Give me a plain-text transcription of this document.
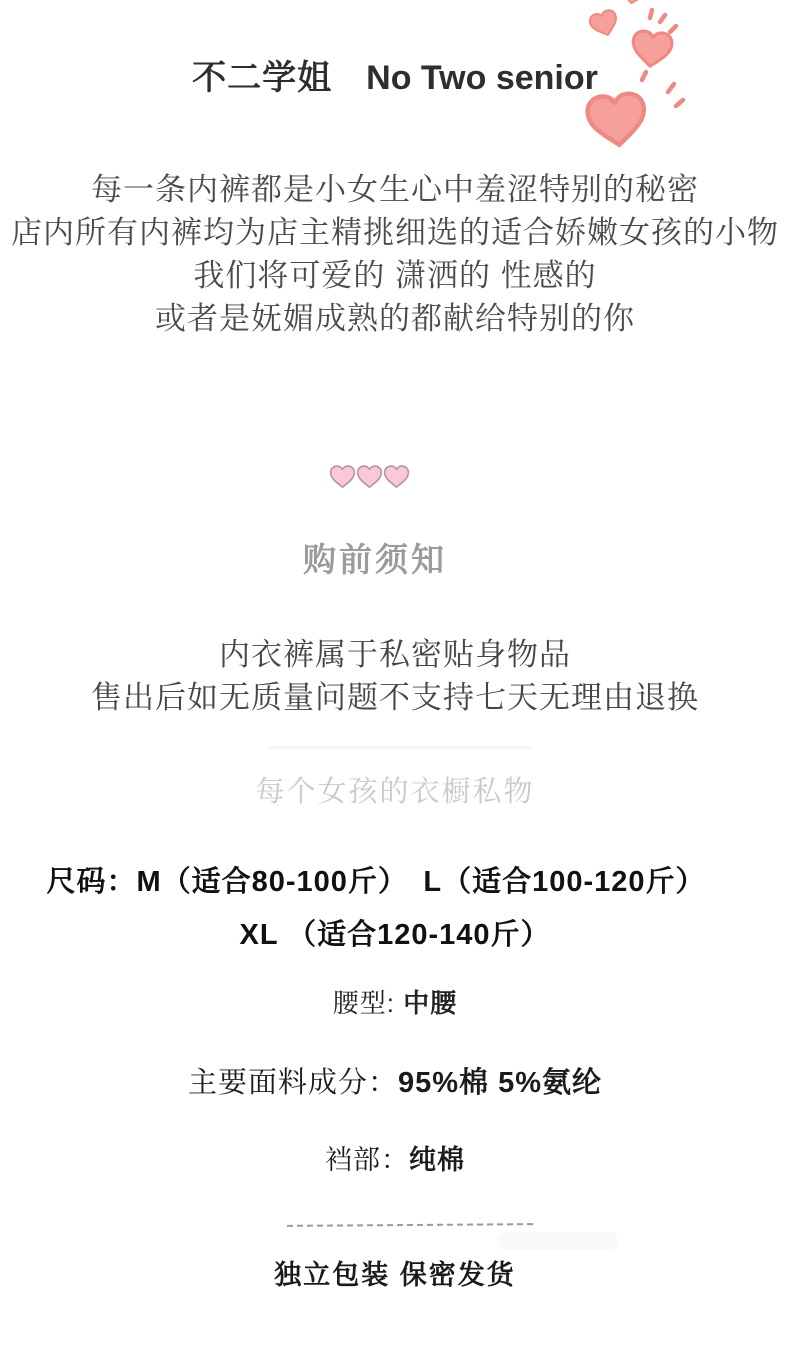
不二学姐 No Two senior
每一条内裤都是小女生心中羞涩特别的秘密
店内所有内裤均为店主精挑细选的适合娇嫩女孩的小物
我们将可爱的 潇洒的 性感的
或者是妩媚成熟的都献给特别的你
购前须知
内衣裤属于私密贴身物品
售出后如无质量问题不支持七天无理由退换
每个女孩的衣橱私物
尺码：M（适合80-100斤）　L（适合100-120斤）
XL （适合120-140斤）
腰型: 中腰
主要面料成分：95%棉 5%氨纶
裆部：纯棉
独立包装 保密发货
